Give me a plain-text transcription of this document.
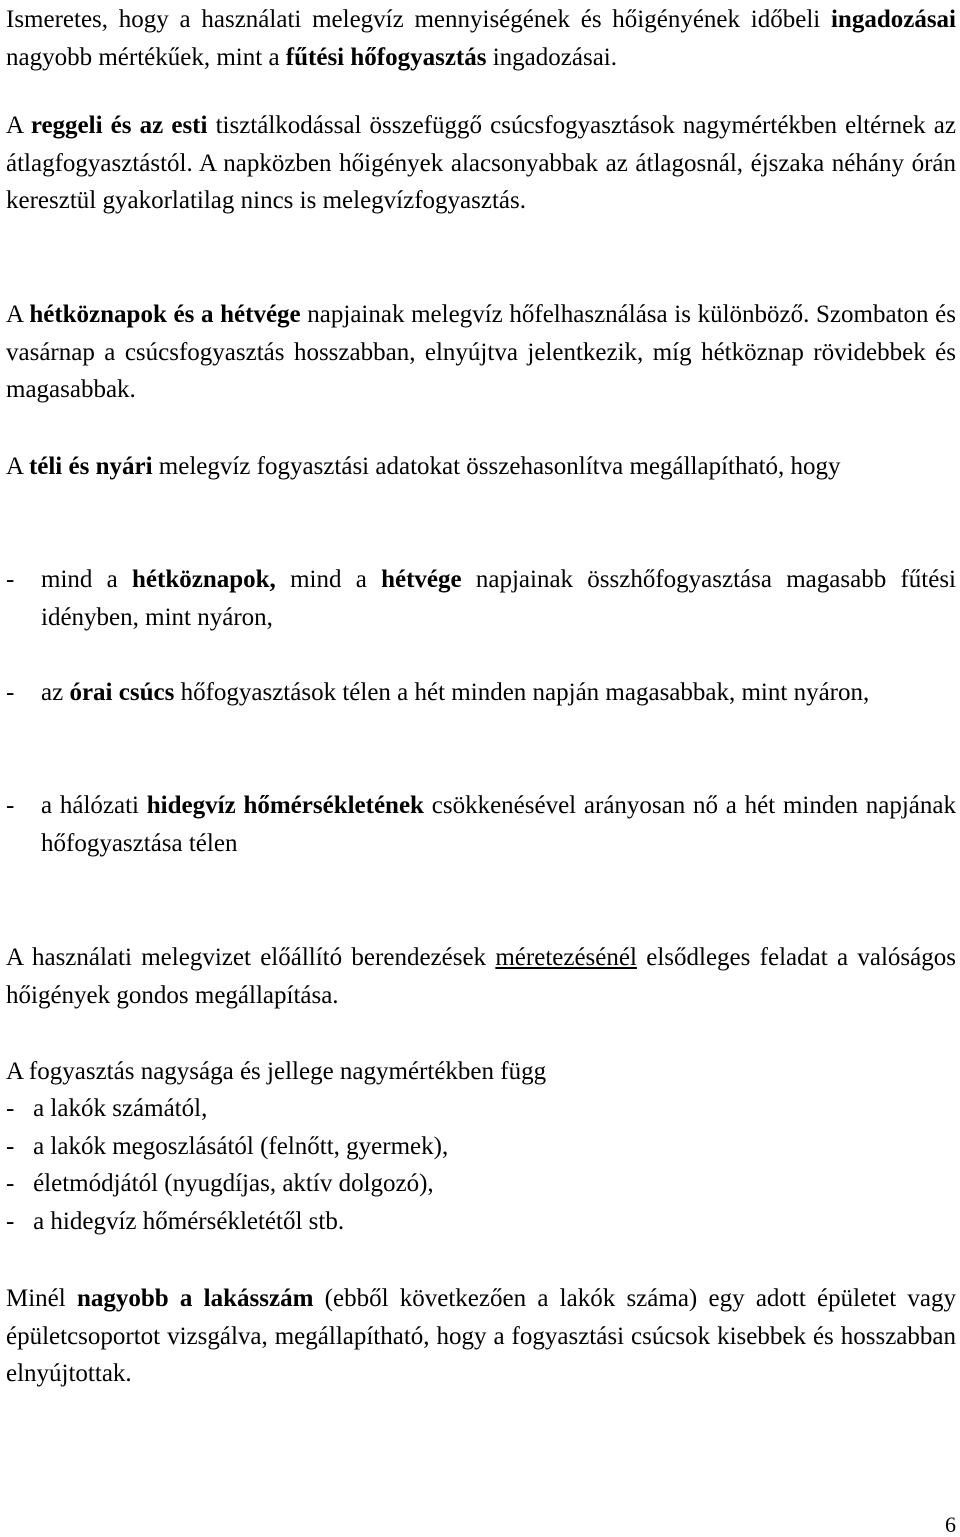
Ismeretes, hogy a használati melegvíz mennyiségének és hőigényének időbeli ingadozásai nagyobb mértékűek, mint a fűtési hőfogyasztás ingadozásai.

A reggeli és az esti tisztálkodással összefüggő csúcsfogyasztások nagymértékben eltérnek az átlagfogyasztástól. A napközben hőigények alacsonyabbak az átlagosnál, éjszaka néhány órán keresztül gyakorlatilag nincs is melegvízfogyasztás.

A hétköznapok és a hétvége napjainak melegvíz hőfelhasználása is különböző. Szombaton és vasárnap a csúcsfogyasztás hosszabban, elnyújtva jelentkezik, míg hétköznap rövidebbek és magasabbak.

A téli és nyári melegvíz fogyasztási adatokat összehasonlítva megállapítható, hogy

- mind a hétköznapok, mind a hétvége napjainak összhőfogyasztása magasabb fűtési idényben, mint nyáron,
- az órai csúcs hőfogyasztások télen a hét minden napján magasabbak, mint nyáron,
- a hálózati hidegvíz hőmérsékletének csökkenésével arányosan nő a hét minden napjának hőfogyasztása télen

A használati melegvizet előállító berendezések méretezésénél elsődleges feladat a valóságos hőigények gondos megállapítása.

A fogyasztás nagysága és jellege nagymértékben függ

-   a lakók számától,

-   a lakók megoszlásától (felnőtt, gyermek),

-   életmódjától (nyugdíjas, aktív dolgozó),

-   a hidegvíz hőmérsékletétől stb.

Minél nagyobb a lakásszám (ebből következően a lakók száma) egy adott épületet vagy épületcsoportot vizsgálva, megállapítható, hogy a fogyasztási csúcsok kisebbek és hosszabban elnyújtottak.

6
